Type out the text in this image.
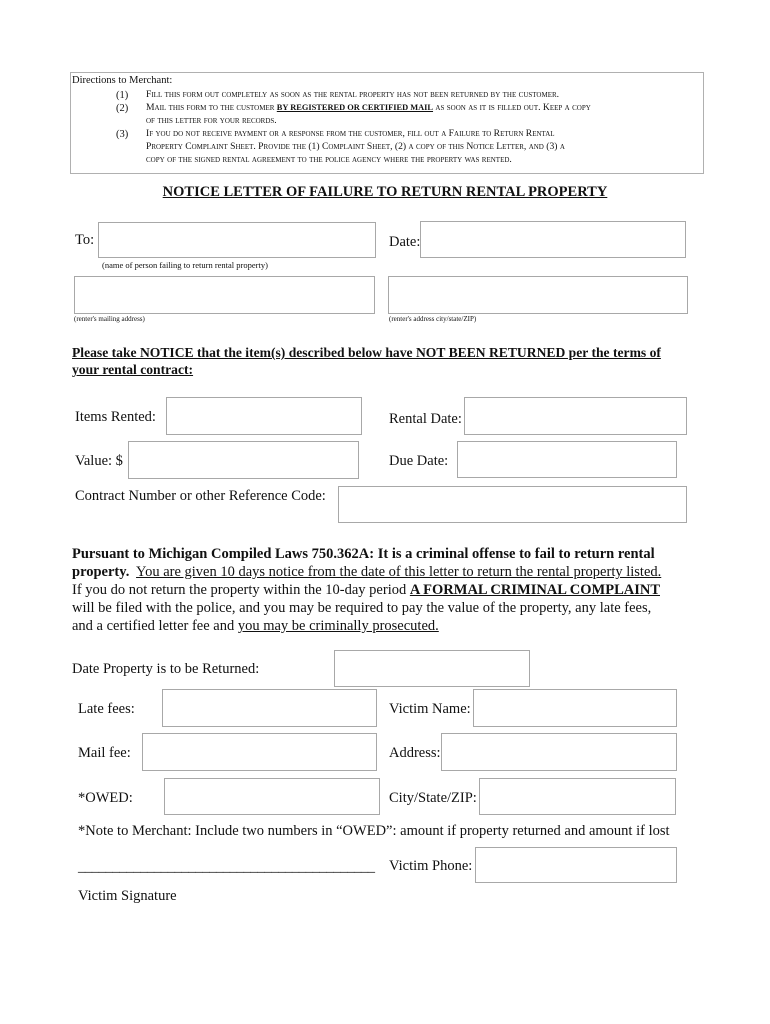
Directions to Merchant:
(1)	Fill this form out completely as soon as the rental property has not been returned by the customer.
(2)	Mail this form to the customer BY REGISTERED OR CERTIFIED MAIL as soon as it is filled out. Keep a copy
of this letter for your records.
(3)	If you do not receive payment or a response from the customer, fill out a Failure to Return Rental
Property Complaint Sheet. Provide the (1) Complaint Sheet, (2) a copy of this Notice Letter, and (3) a
copy of the signed rental agreement to the police agency where the property was rented.
NOTICE LETTER OF FAILURE TO RETURN RENTAL PROPERTY
To:
(name of person failing to return rental property)
Date:
(renter's mailing address)	(renter's address city/state/ZIP)
Please take NOTICE that the item(s) described below have NOT BEEN RETURNED per the terms of
your rental contract:
Items Rented:	Rental Date:
Value: $	Due Date:
Contract Number or other Reference Code:
Pursuant to Michigan Compiled Laws 750.362A: It is a criminal offense to fail to return rental
property. You are given 10 days notice from the date of this letter to return the rental property listed.
If you do not return the property within the 10-day period A FORMAL CRIMINAL COMPLAINT
will be filed with the police, and you may be required to pay the value of the property, any late fees,
and a certified letter fee and you may be criminally prosecuted.
Date Property is to be Returned:
Late fees:	Victim Name:
Mail fee:	Address:
*OWED:	City/State/ZIP:
*Note to Merchant: Include two numbers in “OWED”: amount if property returned and amount if lost
___________________________________________ Victim Phone:
Victim Signature
